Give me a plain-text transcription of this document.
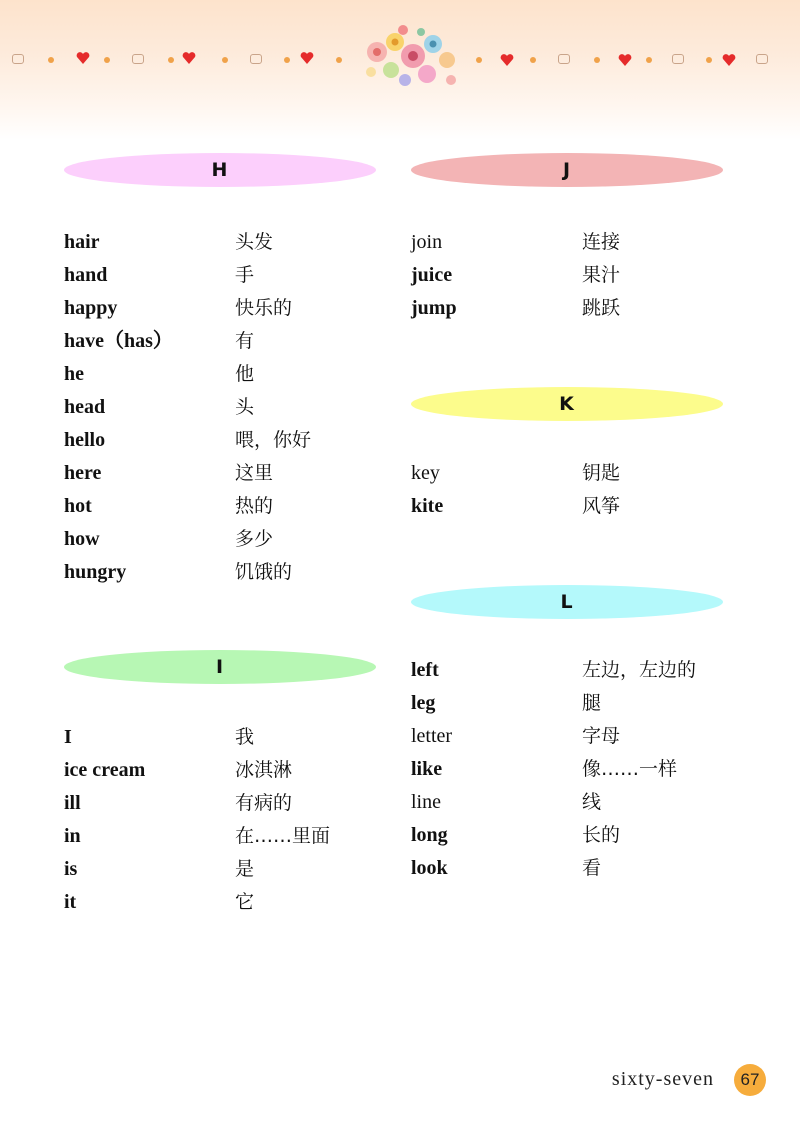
H
hair	头发
hand	手
happy	快乐的
have（has）	有
he	他
head	头
hello	喂，你好
here	这里
hot	热的
how	多少
hungry	饥饿的
I
I	我
ice cream	冰淇淋
ill	有病的
in	在……里面
is	是
it	它
J
join	连接
juice	果汁
jump	跳跃
K
key	钥匙
kite	风筝
L
left	左边，左边的
leg	腿
letter	字母
like	像……一样
line	线
long	长的
look	看
sixty-seven	67
